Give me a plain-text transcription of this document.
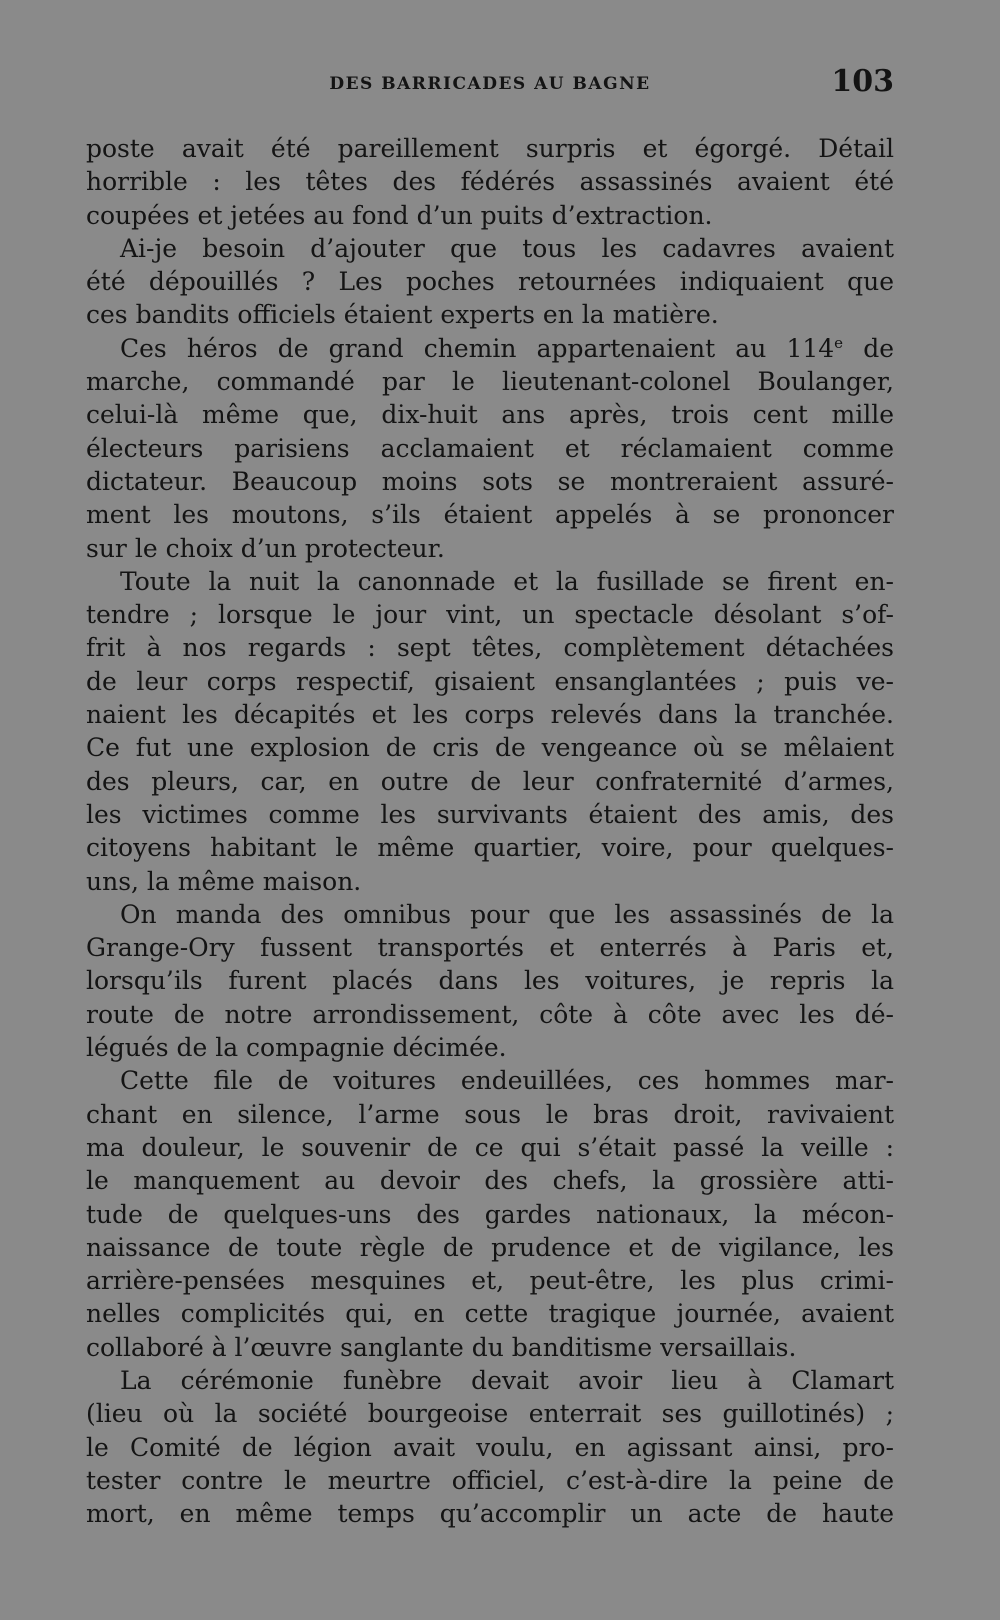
DES BARRICADES AU BAGNE	103
poste avait été pareillement surpris et égorgé. Détail
horrible : les têtes des fédérés assassinés avaient été
coupées et jetées au fond d’un puits d’extraction.
Ai-je besoin d’ajouter que tous les cadavres avaient
été dépouillés ? Les poches retournées indiquaient que
ces bandits officiels étaient experts en la matière.
Ces héros de grand chemin appartenaient au 114e de
marche, commandé par le lieutenant-colonel Boulanger,
celui-là même que, dix-huit ans après, trois cent mille
électeurs parisiens acclamaient et réclamaient comme
dictateur. Beaucoup moins sots se montreraient assuré-
ment les moutons, s’ils étaient appelés à se prononcer
sur le choix d’un protecteur.
Toute la nuit la canonnade et la fusillade se firent en-
tendre ; lorsque le jour vint, un spectacle désolant s’of-
frit à nos regards : sept têtes, complètement détachées
de leur corps respectif, gisaient ensanglantées ; puis ve-
naient les décapités et les corps relevés dans la tranchée.
Ce fut une explosion de cris de vengeance où se mêlaient
des pleurs, car, en outre de leur confraternité d’armes,
les victimes comme les survivants étaient des amis, des
citoyens habitant le même quartier, voire, pour quelques-
uns, la même maison.
On manda des omnibus pour que les assassinés de la
Grange-Ory fussent transportés et enterrés à Paris et,
lorsqu’ils furent placés dans les voitures, je repris la
route de notre arrondissement, côte à côte avec les dé-
légués de la compagnie décimée.
Cette file de voitures endeuillées, ces hommes mar-
chant en silence, l’arme sous le bras droit, ravivaient
ma douleur, le souvenir de ce qui s’était passé la veille :
le manquement au devoir des chefs, la grossière atti-
tude de quelques-uns des gardes nationaux, la mécon-
naissance de toute règle de prudence et de vigilance, les
arrière-pensées mesquines et, peut-être, les plus crimi-
nelles complicités qui, en cette tragique journée, avaient
collaboré à l’œuvre sanglante du banditisme versaillais.
La cérémonie funèbre devait avoir lieu à Clamart
(lieu où la société bourgeoise enterrait ses guillotinés) ;
le Comité de légion avait voulu, en agissant ainsi, pro-
tester contre le meurtre officiel, c’est-à-dire la peine de
mort, en même temps qu’accomplir un acte de haute
